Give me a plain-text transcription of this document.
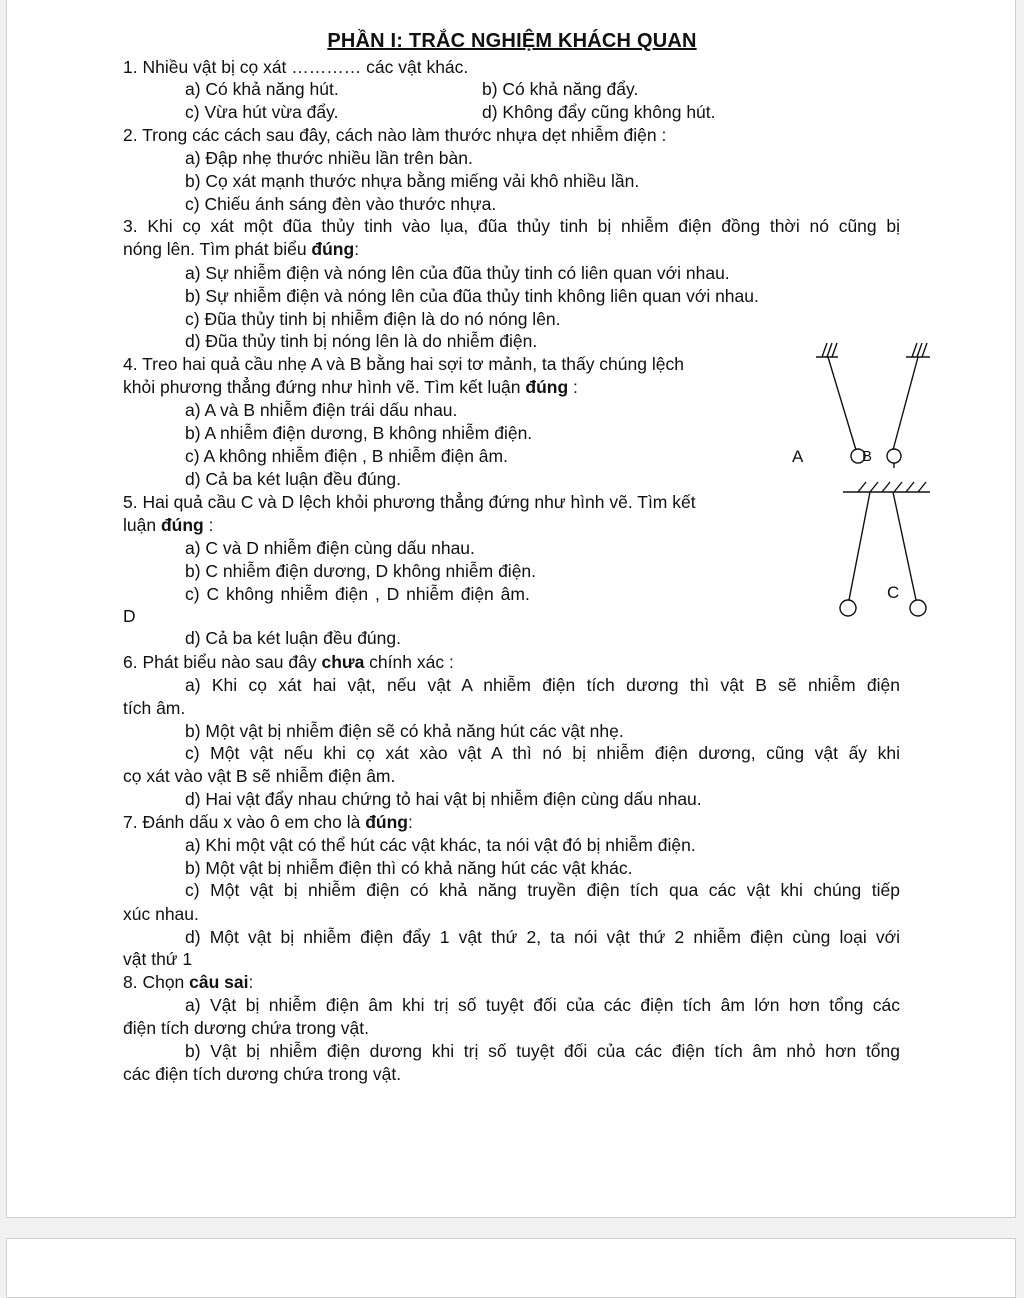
PHẦN I: TRẮC NGHIỆM KHÁCH QUAN
1. Nhiều vật bị cọ xát ………… các vật khác.
a) Có khả năng hút.	b) Có khả năng đẩy.
c) Vừa hút vừa đẩy.	d) Không đẩy cũng không hút.
2. Trong các cách sau đây, cách nào làm thước nhựa dẹt nhiễm điện :
a) Đập nhẹ thước nhiều lần trên bàn.
b) Cọ xát mạnh thước nhựa bằng miếng vải khô nhiều lần.
c) Chiếu ánh sáng đèn vào thước nhựa.
3. Khi cọ xát một đũa thủy tinh vào lụa, đũa thủy tinh bị nhiễm điện đồng thời nó cũng bị
nóng lên. Tìm phát biểu đúng:
a) Sự nhiễm điện và nóng lên của đũa thủy tinh có liên quan với nhau.
b) Sự nhiễm điện và nóng lên của đũa thủy tinh không liên quan với nhau.
c) Đũa thủy tinh bị nhiễm điện là do nó nóng lên.
d) Đũa thủy tinh bị nóng lên là do nhiễm điện.
4. Treo hai quả cầu nhẹ A và B bằng hai sợi tơ mảnh, ta thấy chúng lệch
khỏi phương thẳng đứng như hình vẽ. Tìm kết luận đúng :
a) A và B nhiễm điện trái dấu nhau.
b) A nhiễm điện dương, B không nhiễm điện.
c) A không nhiễm điện , B nhiễm điện âm.
d) Cả ba két luận đều đúng.
5. Hai quả cầu C và D lệch khỏi phương thẳng đứng như hình vẽ. Tìm kết
luận đúng :
a) C và D nhiễm điện cùng dấu nhau.
b) C nhiễm điện dương, D không nhiễm điện.
c) C không nhiễm điện , D nhiễm điện âm.
D
d) Cả ba két luận đều đúng.
6. Phát biểu nào sau đây chưa chính xác :
a) Khi cọ xát hai vật, nếu vật A nhiễm điện tích dương thì vật B sẽ nhiễm điện
tích âm.
b) Một vật bị nhiễm điện sẽ có khả năng hút các vật nhẹ.
c) Một vật nếu khi cọ xát xào vật A thì nó bị nhiễm điện dương, cũng vật ấy khi
cọ xát vào vật B sẽ nhiễm điện âm.
d) Hai vật đẩy nhau chứng tỏ hai vật bị nhiễm điện cùng dấu nhau.
7. Đánh dấu x vào ô em cho là đúng:
a) Khi một vật có thể hút các vật khác, ta nói vật đó bị nhiễm điện.
b) Một vật bị nhiễm điện thì có khả năng hút các vật khác.
c) Một vật bị nhiễm điện có khả năng truyền điện tích qua các vật khi chúng tiếp
xúc nhau.
d) Một vật bị nhiễm điện đẩy 1 vật thứ 2, ta nói vật thứ 2 nhiễm điện cùng loại với
vật thứ 1
8. Chọn câu sai:
a) Vật bị nhiễm điện âm khi trị số tuyệt đối của các điện tích âm lớn hơn tổng các
điện tích dương chứa trong vật.
b) Vật bị nhiễm điện dương khi trị số tuyệt đối của các điện tích âm nhỏ hơn tổng
các điện tích dương chứa trong vật.
A	B
C
